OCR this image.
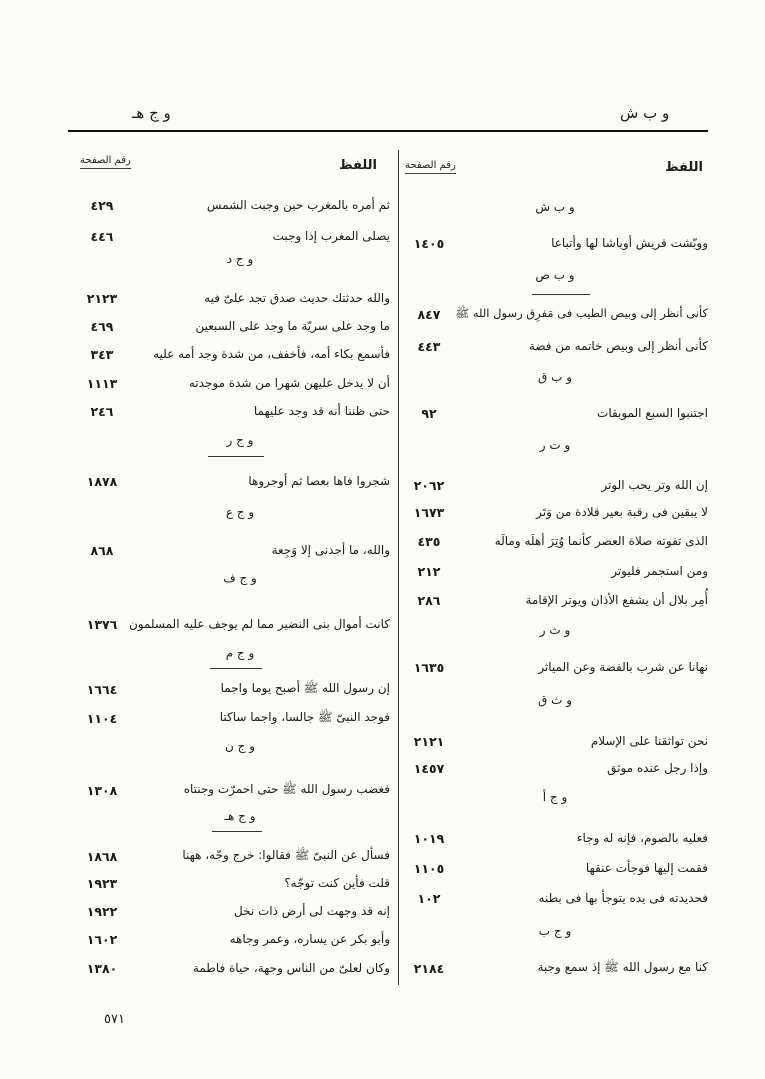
و ب ش
و ج هـ
اللفظ
رقم الصفحة
اللفظ
رقم الصفحة
و ب ش
ووبّشت قريش أوباشا لها وأتباعا
١٤٠٥
و ب ص
كأنى أنظر إلى وبيص الطيب فى مَفرِق رسول الله ﷺ
٨٤٧
كأنى أنظر إلى وبيص خاتمه من فضة
٤٤٣
و ب ق
اجتنبوا السبع الموبقات
٩٢
و ت ر
إن الله وتر يحب الوتر
٢٠٦٢
لا يبقين فى رقبة بعير قلادة من وَتَر
١٦٧٣
الذى تفوته صلاة العصر كأنما وُتِرَ أهلَه ومالَه
٤٣٥
ومن استجمر فليوتر
٢١٢
أُمِر بلال أن يشفع الأذان ويوتر الإقامة
٢٨٦
و ث ر
نهانا عن شرب بالفضة وعن المياثر
١٦٣٥
و ث ق
نحن تواثقنا على الإسلام
٢١٢١
وإذا رجل عنده موثق
١٤٥٧
و ج أ
فعليه بالصوم، فإنه له وجاء
١٠١٩
فقمت إليها فوجأت عنقها
١١٠٥
فحديدته فى يده يتوجأ بها فى بطنه
١٠٢
و ج ب
كنا مع رسول الله ﷺ إذ سمع وجبة
٢١٨٤
ثم أمره بالمغرب حين وجبت الشمس
٤٢٩
يصلى المغرب إذا وجبت
٤٤٦
و ج د
والله حدثتك حديث صدق تجد علىّ فيه
٢١٢٣
ما وجد على سريّة ما وجد على السبعين
٤٦٩
فأسمع بكاء أمه، فأخفف، من شدة وجد أمه عليه
٣٤٣
أن لا يدخل عليهن شهرا من شدة موجدته
١١١٣
حتى ظننا أنه قد وجد عليهما
٢٤٦
و ج ر
شجروا فاها بعصا ثم أوجروها
١٨٧٨
و ج ع
والله، ما أجدنى إلا وَجِعة
٨٦٨
و ج ف
كانت أموال بنى النضير مما لم يوجف عليه المسلمون
١٣٧٦
و ج م
إن رسول الله ﷺ أصبح يوما واجما
١٦٦٤
فوجد النبىّ ﷺ جالسا، واجما ساكتا
١١٠٤
و ج ن
فغضب رسول الله ﷺ حتى احمرّت وجنتاه
١٣٠٨
و ج هـ
فسأل عن النبىّ ﷺ فقالوا: خرج وجّه، ههنا
١٨٦٨
قلت فأين كنت توجّه؟
١٩٢٣
إنه قد وجهت لى أرض ذات نخل
١٩٢٢
وأبو بكر عن يساره، وعمر وجاهه
١٦٠٢
وكان لعلىّ من الناس وجهة، حياة فاطمة
١٣٨٠
٥٧١
